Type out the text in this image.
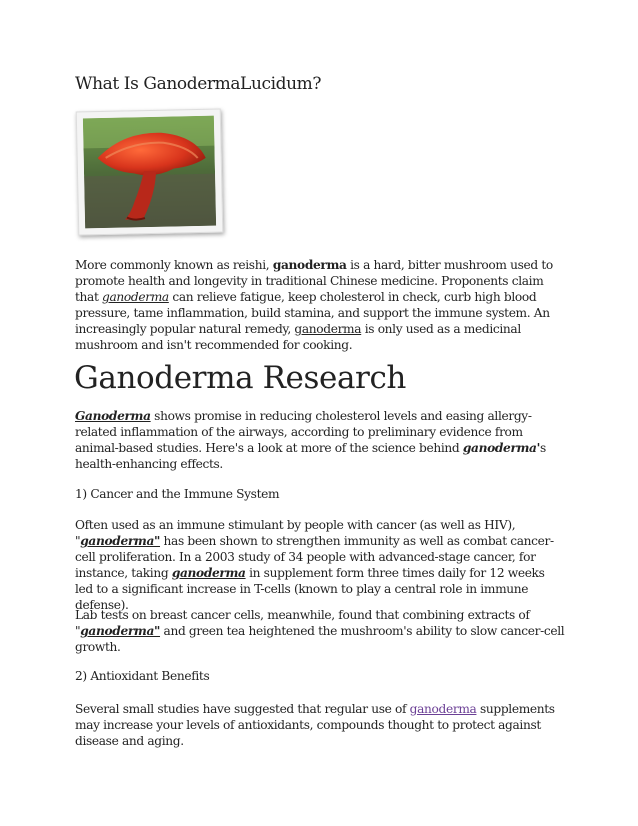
What Is GanodermaLucidum?

More commonly known as reishi, ganoderma is a hard, bitter mushroom used to promote health and longevity in traditional Chinese medicine. Proponents claim that ganoderma can relieve fatigue, keep cholesterol in check, curb high blood pressure, tame inflammation, build stamina, and support the immune system. An increasingly popular natural remedy, ganoderma is only used as a medicinal mushroom and isn't recommended for cooking.

Ganoderma Research

Ganoderma shows promise in reducing cholesterol levels and easing allergy-related inflammation of the airways, according to preliminary evidence from animal-based studies. Here's a look at more of the science behind ganoderma's health-enhancing effects.

1) Cancer and the Immune System

Often used as an immune stimulant by people with cancer (as well as HIV), "ganoderma" has been shown to strengthen immunity as well as combat cancer-cell proliferation. In a 2003 study of 34 people with advanced-stage cancer, for instance, taking ganoderma in supplement form three times daily for 12 weeks led to a significant increase in T-cells (known to play a central role in immune defense).

Lab tests on breast cancer cells, meanwhile, found that combining extracts of "ganoderma" and green tea heightened the mushroom's ability to slow cancer-cell growth.

2) Antioxidant Benefits

Several small studies have suggested that regular use of ganoderma supplements may increase your levels of antioxidants, compounds thought to protect against disease and aging.
